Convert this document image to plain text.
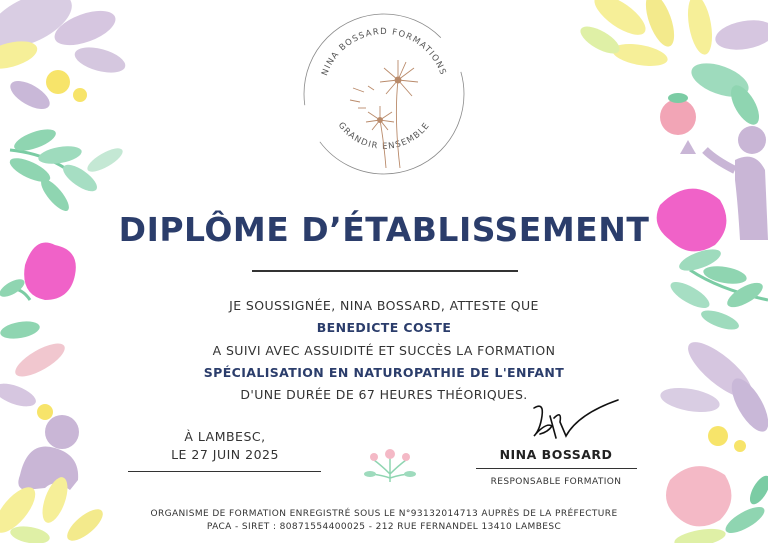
NINA BOSSARD FORMATIONS
GRANDIR ENSEMBLE
DIPLÔME D’ÉTABLISSEMENT
JE SOUSSIGNÉE, NINA BOSSARD, ATTESTE QUE
BENEDICTE COSTE
A SUIVI AVEC ASSUIDITÉ ET SUCCÈS LA FORMATION
SPÉCIALISATION EN NATUROPATHIE DE L'ENFANT
D'UNE DURÉE DE 67 HEURES THÉORIQUES.
À LAMBESC,
LE 27 JUIN 2025	NINA BOSSARD
RESPONSABLE FORMATION
ORGANISME DE FORMATION ENREGISTRÉ SOUS LE N°93132014713 AUPRÈS DE LA PRÉFECTURE
PACA - SIRET : 80871554400025 - 212 RUE FERNANDEL 13410 LAMBESC
